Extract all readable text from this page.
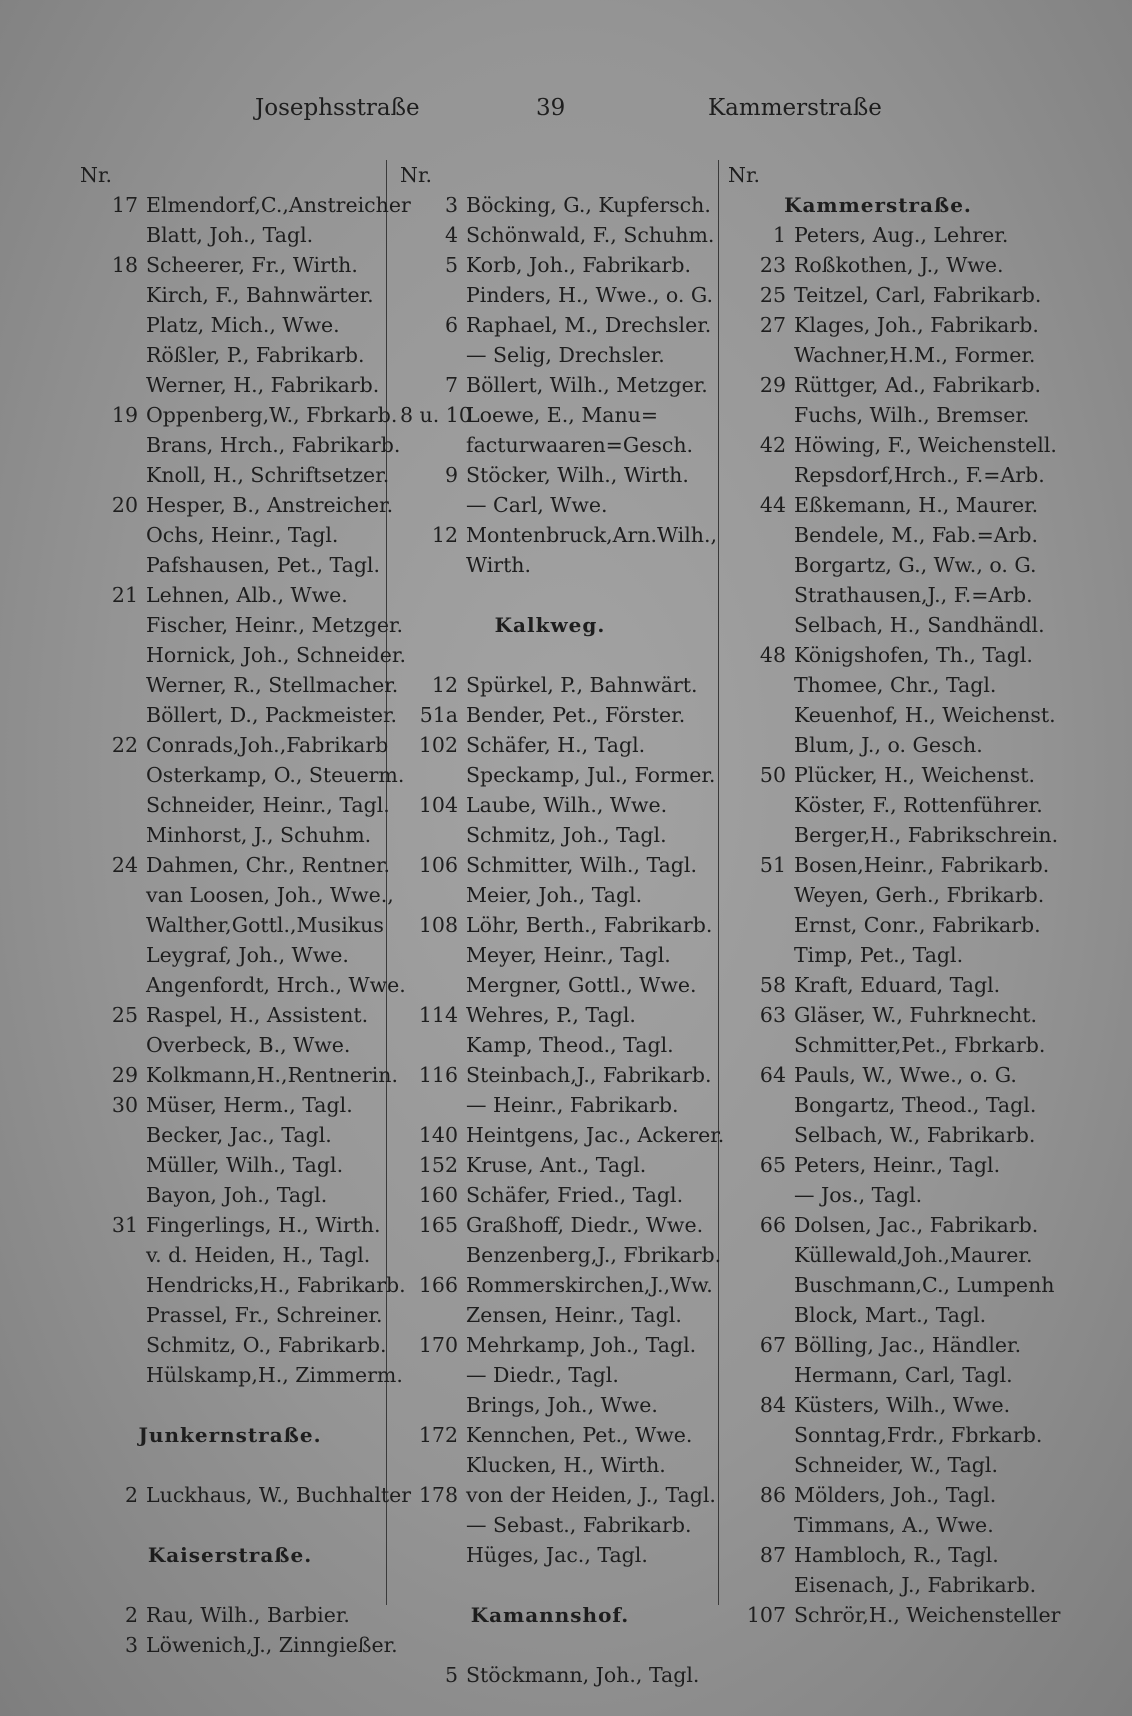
Josephsstraße	39	Kammerstraße
Nr.
17 Elmendorf,C.,Anstreicher
Blatt, Joh., Tagl.
18 Scheerer, Fr., Wirth.
Kirch, F., Bahnwärter.
Platz, Mich., Wwe.
Rößler, P., Fabrikarb.
Werner, H., Fabrikarb.
19 Oppenberg,W., Fbrkarb.
Brans, Hrch., Fabrikarb.
Knoll, H., Schriftsetzer.
20 Hesper, B., Anstreicher.
Ochs, Heinr., Tagl.
Pafshausen, Pet., Tagl.
21 Lehnen, Alb., Wwe.
Fischer, Heinr., Metzger.
Hornick, Joh., Schneider.
Werner, R., Stellmacher.
Böllert, D., Packmeister.
22 Conrads,Joh.,Fabrikarb
Osterkamp, O., Steuerm.
Schneider, Heinr., Tagl.
Minhorst, J., Schuhm.
24 Dahmen, Chr., Rentner.
van Loosen, Joh., Wwe.,
Walther,Gottl.,Musikus
Leygraf, Joh., Wwe.
Angenfordt, Hrch., Wwe.
25 Raspel, H., Assistent.
Overbeck, B., Wwe.
29 Kolkmann,H.,Rentnerin.
30 Müser, Herm., Tagl.
Becker, Jac., Tagl.
Müller, Wilh., Tagl.
Bayon, Joh., Tagl.
31 Fingerlings, H., Wirth.
v. d. Heiden, H., Tagl.
Hendricks,H., Fabrikarb.
Prassel, Fr., Schreiner.
Schmitz, O., Fabrikarb.
Hülskamp,H., Zimmerm.
Junkernstraße.
2 Luckhaus, W., Buchhalter
Kaiserstraße.
2 Rau, Wilh., Barbier.
3 Löwenich,J., Zinngießer.
Nr.
3 Böcking, G., Kupfersch.
4 Schönwald, F., Schuhm.
5 Korb, Joh., Fabrikarb.
Pinders, H., Wwe., o. G.
6 Raphael, M., Drechsler.
— Selig, Drechsler.
7 Böllert, Wilh., Metzger.
8 u. 10
Loewe, E., Manu=
facturwaaren=Gesch.
9 Stöcker, Wilh., Wirth.
— Carl, Wwe.
12 Montenbruck,Arn.Wilh.,
Wirth.
Kalkweg.
12 Spürkel, P., Bahnwärt.
51a Bender, Pet., Förster.
102 Schäfer, H., Tagl.
Speckamp, Jul., Former.
104 Laube, Wilh., Wwe.
Schmitz, Joh., Tagl.
106 Schmitter, Wilh., Tagl.
Meier, Joh., Tagl.
108 Löhr, Berth., Fabrikarb.
Meyer, Heinr., Tagl.
Mergner, Gottl., Wwe.
114 Wehres, P., Tagl.
Kamp, Theod., Tagl.
116 Steinbach,J., Fabrikarb.
— Heinr., Fabrikarb.
140 Heintgens, Jac., Ackerer.
152 Kruse, Ant., Tagl.
160 Schäfer, Fried., Tagl.
165 Graßhoff, Diedr., Wwe.
Benzenberg,J., Fbrikarb.
166 Rommerskirchen,J.,Ww.
Zensen, Heinr., Tagl.
170 Mehrkamp, Joh., Tagl.
— Diedr., Tagl.
Brings, Joh., Wwe.
172 Kennchen, Pet., Wwe.
Klucken, H., Wirth.
178 von der Heiden, J., Tagl.
— Sebast., Fabrikarb.
Hüges, Jac., Tagl.
Kamannshof.
5 Stöckmann, Joh., Tagl.
Nr.
Kammerstraße.
1 Peters, Aug., Lehrer.
23 Roßkothen, J., Wwe.
25 Teitzel, Carl, Fabrikarb.
27 Klages, Joh., Fabrikarb.
Wachner,H.M., Former.
29 Rüttger, Ad., Fabrikarb.
Fuchs, Wilh., Bremser.
42 Höwing, F., Weichenstell.
Repsdorf,Hrch., F.=Arb.
44 Eßkemann, H., Maurer.
Bendele, M., Fab.=Arb.
Borgartz, G., Ww., o. G.
Strathausen,J., F.=Arb.
Selbach, H., Sandhändl.
48 Königshofen, Th., Tagl.
Thomee, Chr., Tagl.
Keuenhof, H., Weichenst.
Blum, J., o. Gesch.
50 Plücker, H., Weichenst.
Köster, F., Rottenführer.
Berger,H., Fabrikschrein.
51 Bosen,Heinr., Fabrikarb.
Weyen, Gerh., Fbrikarb.
Ernst, Conr., Fabrikarb.
Timp, Pet., Tagl.
58 Kraft, Eduard, Tagl.
63 Gläser, W., Fuhrknecht.
Schmitter,Pet., Fbrkarb.
64 Pauls, W., Wwe., o. G.
Bongartz, Theod., Tagl.
Selbach, W., Fabrikarb.
65 Peters, Heinr., Tagl.
— Jos., Tagl.
66 Dolsen, Jac., Fabrikarb.
Küllewald,Joh.,Maurer.
Buschmann,C., Lumpenh
Block, Mart., Tagl.
67 Bölling, Jac., Händler.
Hermann, Carl, Tagl.
84 Küsters, Wilh., Wwe.
Sonntag,Frdr., Fbrkarb.
Schneider, W., Tagl.
86 Mölders, Joh., Tagl.
Timmans, A., Wwe.
87 Hambloch, R., Tagl.
Eisenach, J., Fabrikarb.
107 Schrör,H., Weichensteller
